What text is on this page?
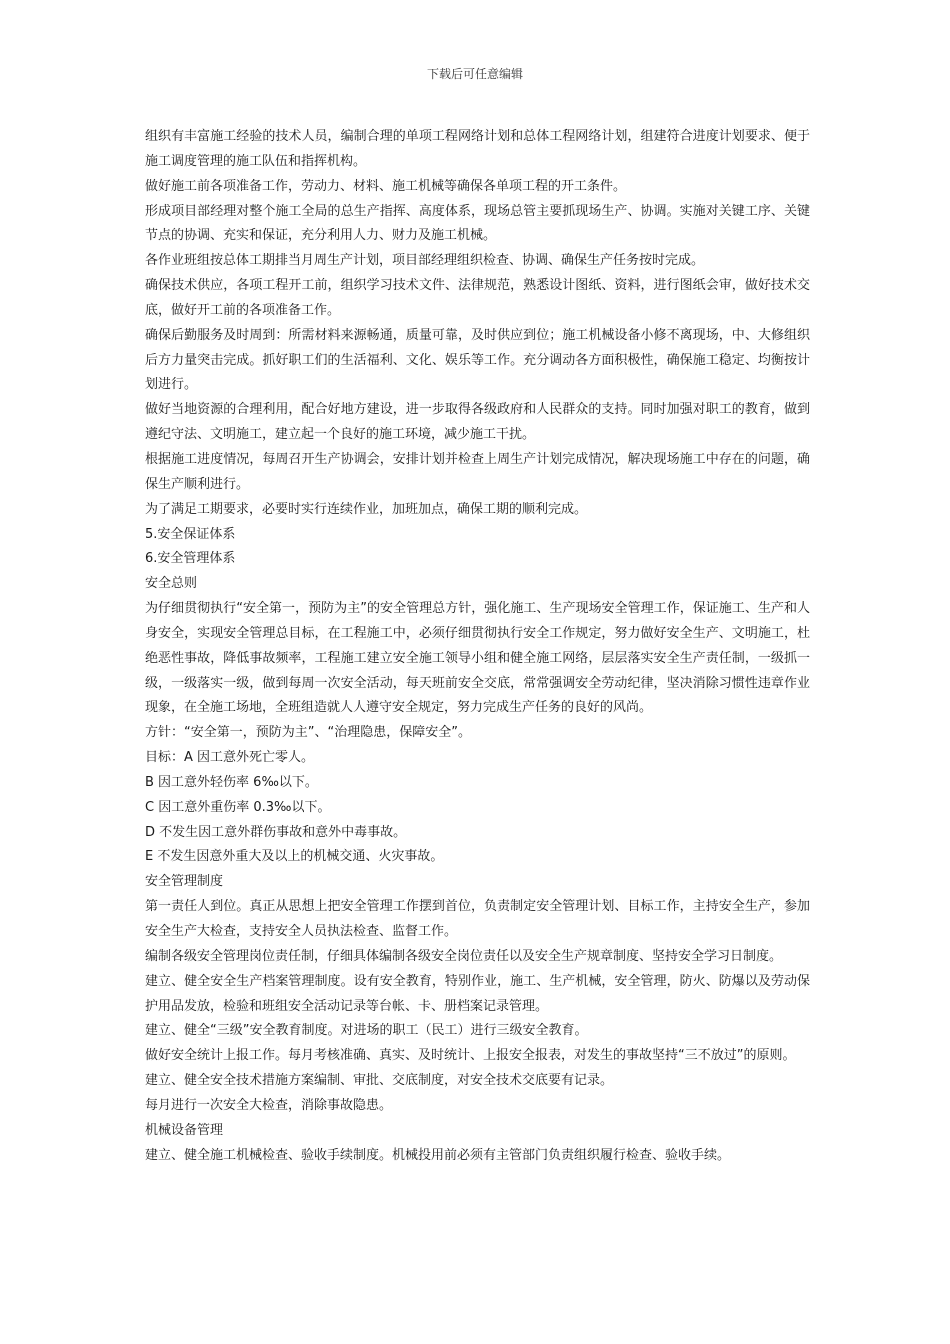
下载后可任意编辑

组织有丰富施工经验的技术人员，编制合理的单项工程网络计划和总体工程网络计划，组建符合进度计划要求、便于施工调度管理的施工队伍和指挥机构。

做好施工前各项准备工作，劳动力、材料、施工机械等确保各单项工程的开工条件。

形成项目部经理对整个施工全局的总生产指挥、高度体系，现场总管主要抓现场生产、协调。实施对关键工序、关键节点的协调、充实和保证，充分利用人力、财力及施工机械。

各作业班组按总体工期排当月周生产计划，项目部经理组织检查、协调、确保生产任务按时完成。

确保技术供应，各项工程开工前，组织学习技术文件、法律规范，熟悉设计图纸、资料，进行图纸会审，做好技术交底，做好开工前的各项准备工作。

确保后勤服务及时周到：所需材料来源畅通，质量可靠，及时供应到位；施工机械设备小修不离现场，中、大修组织后方力量突击完成。抓好职工们的生活福利、文化、娱乐等工作。充分调动各方面积极性，确保施工稳定、均衡按计划进行。

做好当地资源的合理利用，配合好地方建设，进一步取得各级政府和人民群众的支持。同时加强对职工的教育，做到遵纪守法、文明施工，建立起一个良好的施工环境，减少施工干扰。

根据施工进度情况，每周召开生产协调会，安排计划并检查上周生产计划完成情况，解决现场施工中存在的问题，确保生产顺利进行。

为了满足工期要求，必要时实行连续作业，加班加点，确保工期的顺利完成。

5.安全保证体系

6.安全管理体系

安全总则

为仔细贯彻执行“安全第一，预防为主”的安全管理总方针，强化施工、生产现场安全管理工作，保证施工、生产和人身安全，实现安全管理总目标，在工程施工中，必须仔细贯彻执行安全工作规定，努力做好安全生产、文明施工，杜绝恶性事故，降低事故频率，工程施工建立安全施工领导小组和健全施工网络，层层落实安全生产责任制，一级抓一级，一级落实一级，做到每周一次安全活动，每天班前安全交底，常常强调安全劳动纪律，坚决消除习惯性违章作业现象，在全施工场地，全班组造就人人遵守安全规定，努力完成生产任务的良好的风尚。

方针：“安全第一，预防为主”、“治理隐患，保障安全”。

目标：A 因工意外死亡零人。

B 因工意外轻伤率 6‰以下。

C 因工意外重伤率 0.3‰以下。

D 不发生因工意外群伤事故和意外中毒事故。

E 不发生因意外重大及以上的机械交通、火灾事故。

安全管理制度

第一责任人到位。真正从思想上把安全管理工作摆到首位，负责制定安全管理计划、目标工作，主持安全生产，参加安全生产大检查，支持安全人员执法检查、监督工作。

编制各级安全管理岗位责任制，仔细具体编制各级安全岗位责任以及安全生产规章制度、坚持安全学习日制度。

建立、健全安全生产档案管理制度。设有安全教育，特别作业，施工、生产机械，安全管理，防火、防爆以及劳动保护用品发放，检验和班组安全活动记录等台帐、卡、册档案记录管理。

建立、健全“三级”安全教育制度。对进场的职工（民工）进行三级安全教育。

做好安全统计上报工作。每月考核准确、真实、及时统计、上报安全报表，对发生的事故坚持“三不放过”的原则。

建立、健全安全技术措施方案编制、审批、交底制度，对安全技术交底要有记录。

每月进行一次安全大检查，消除事故隐患。

机械设备管理

建立、健全施工机械检查、验收手续制度。机械投用前必须有主管部门负责组织履行检查、验收手续。
